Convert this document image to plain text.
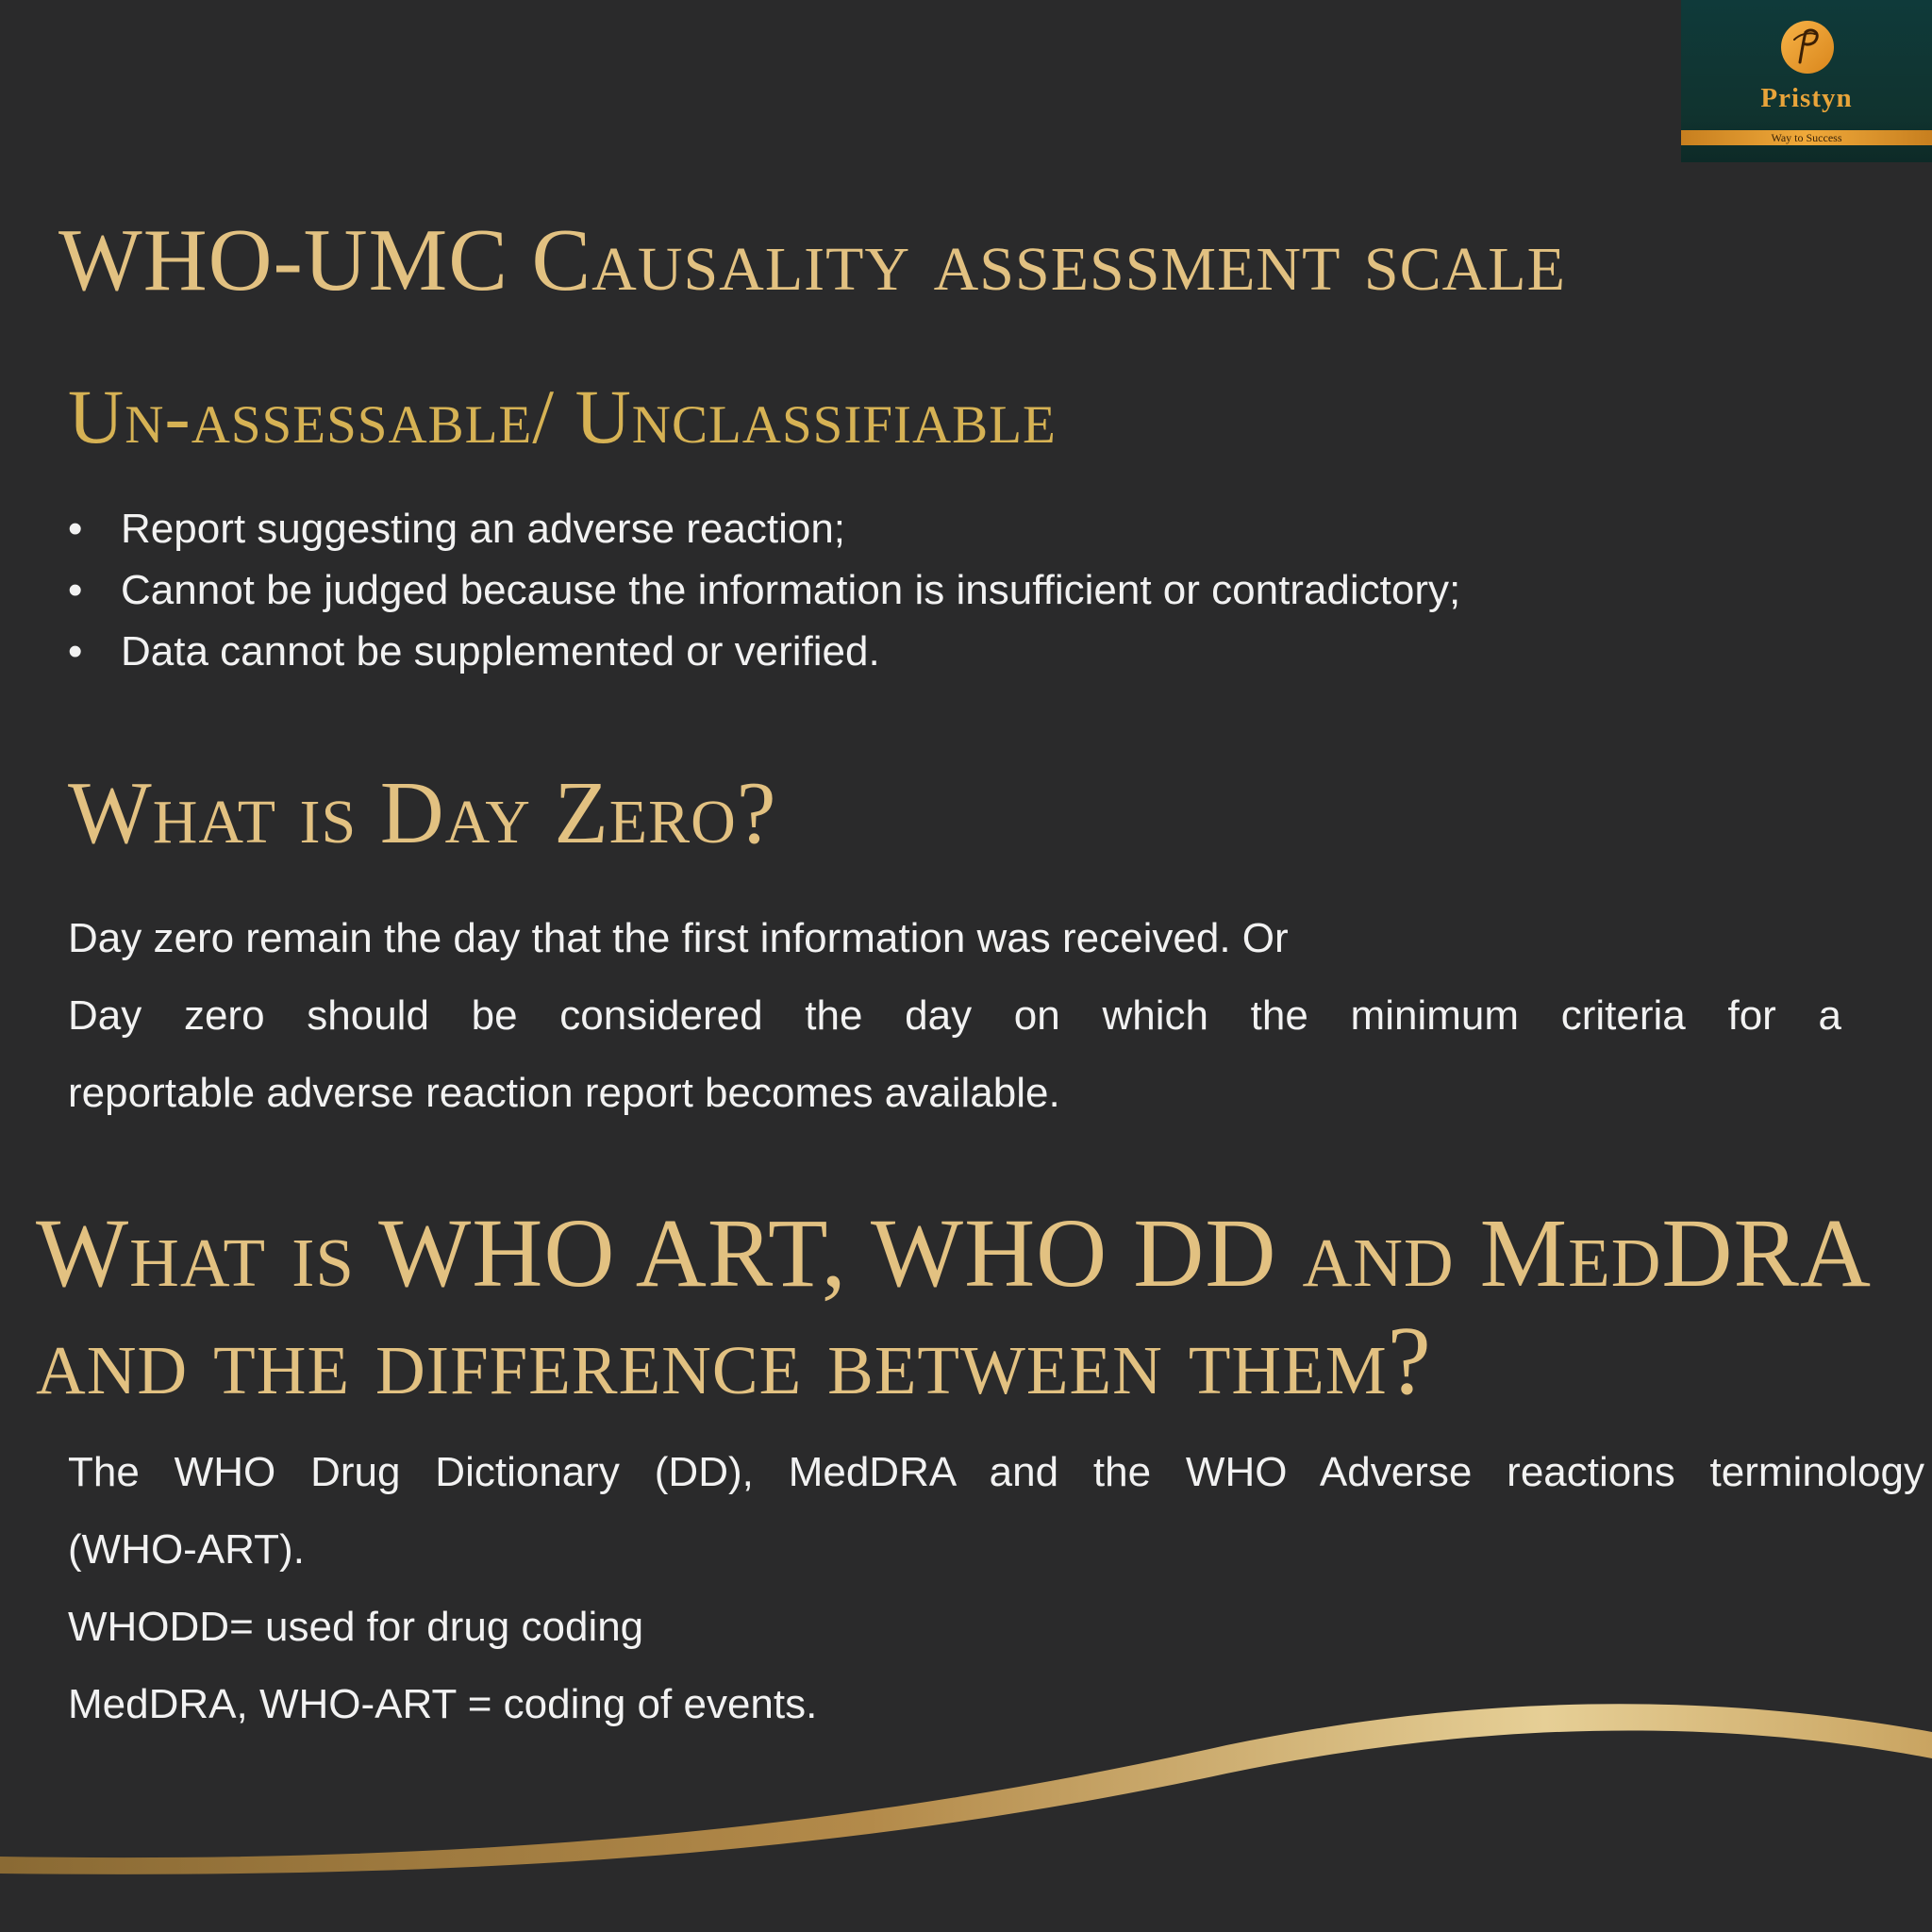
Pristyn
Way to Success
WHO-UMC Causality assessment scale
Un-assessable/ Unclassifiable
• Report suggesting an adverse reaction;
• Cannot be judged because the information is insufficient or contradictory;
• Data cannot be supplemented or verified.
What is Day Zero?
Day zero remain the day that the first information was received. Or
Day zero should be considered the day on which the minimum criteria for a
reportable adverse reaction report becomes available.
What is WHO ART, WHO DD and MedDRA and the difference between them?
The WHO Drug Dictionary (DD), MedDRA and the WHO Adverse reactions terminology
(WHO-ART).
WHODD= used for drug coding
MedDRA, WHO-ART = coding of events.
